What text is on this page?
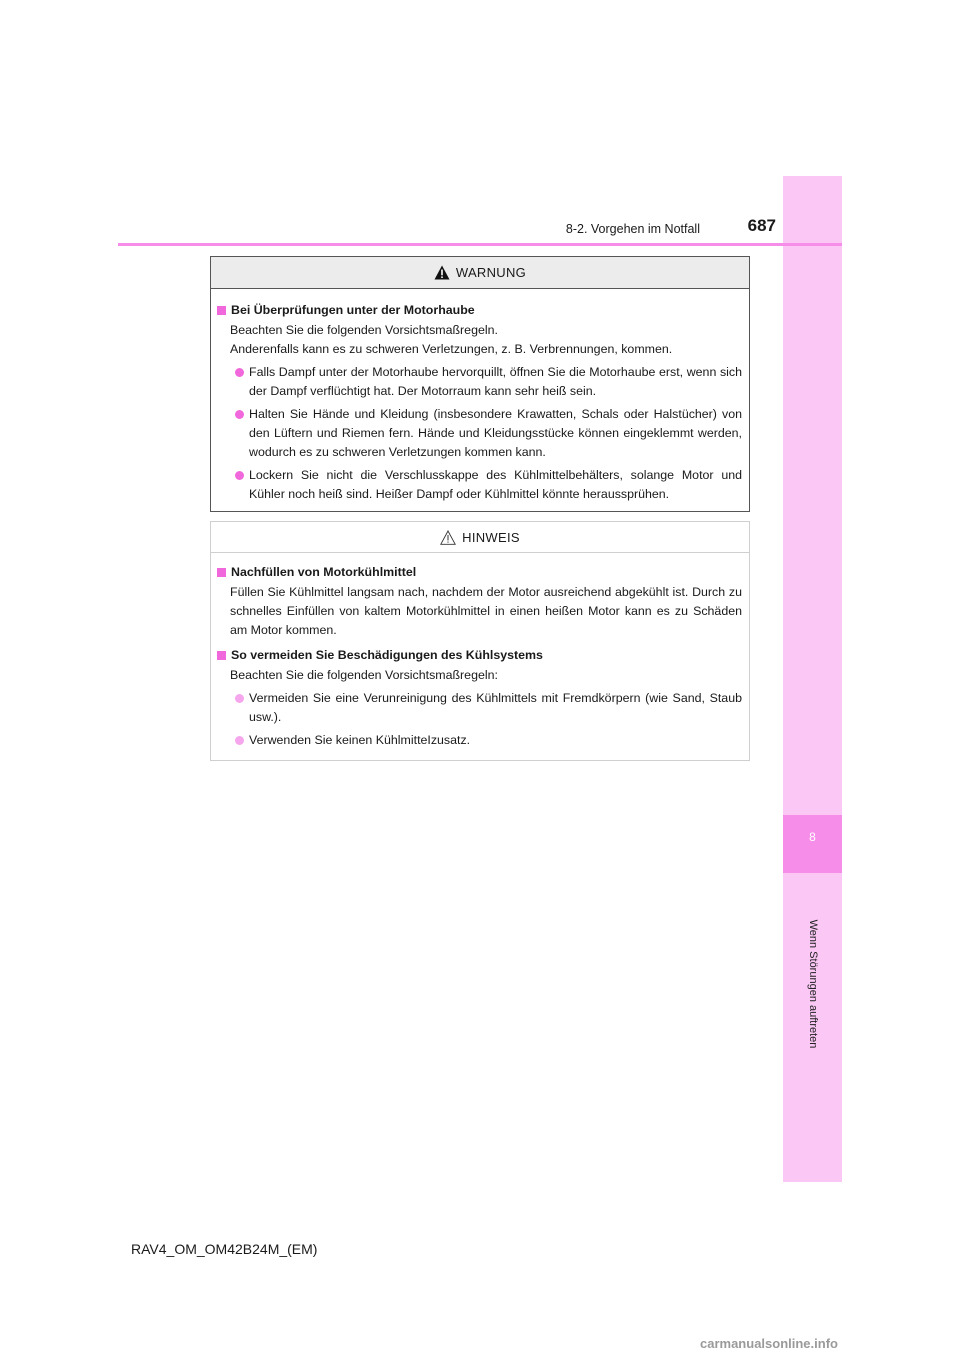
8
Wenn Störungen auftreten
8-2. Vorgehen im Notfall	687
WARNUNG
Bei Überprüfungen unter der Motorhaube
Beachten Sie die folgenden Vorsichtsmaßregeln.
Anderenfalls kann es zu schweren Verletzungen, z. B. Verbrennungen, kommen.
Falls Dampf unter der Motorhaube hervorquillt, öffnen Sie die Motorhaube erst, wenn sich der Dampf verflüchtigt hat. Der Motorraum kann sehr heiß sein.
Halten Sie Hände und Kleidung (insbesondere Krawatten, Schals oder Halstücher) von den Lüftern und Riemen fern. Hände und Kleidungsstücke können eingeklemmt werden, wodurch es zu schweren Verletzungen kommen kann.
Lockern Sie nicht die Verschlusskappe des Kühlmittelbehälters, solange Motor und Kühler noch heiß sind. Heißer Dampf oder Kühlmittel könnte heraussprühen.
HINWEIS
Nachfüllen von Motorkühlmittel
Füllen Sie Kühlmittel langsam nach, nachdem der Motor ausreichend abgekühlt ist. Durch zu schnelles Einfüllen von kaltem Motorkühlmittel in einen heißen Motor kann es zu Schäden am Motor kommen.
So vermeiden Sie Beschädigungen des Kühlsystems
Beachten Sie die folgenden Vorsichtsmaßregeln:
Vermeiden Sie eine Verunreinigung des Kühlmittels mit Fremdkörpern (wie Sand, Staub usw.).
Verwenden Sie keinen KühlmitteIzusatz.
RAV4_OM_OM42B24M_(EM)
carmanualsonline.info
